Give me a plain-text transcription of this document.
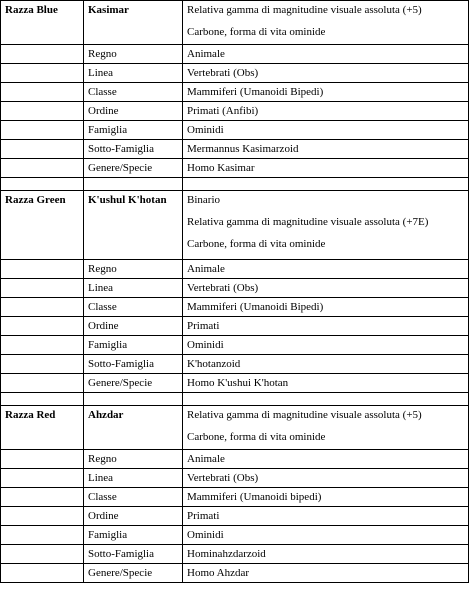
Razza Blue	Kasimar	Relativa gamma di magnitudine visuale assoluta (+5)
Carbone, forma di vita ominide

	Regno	Animale
	Linea	Vertebrati (Obs)
	Classe	Mammiferi (Umanoidi Bipedi)
	Ordine	Primati (Anfibi)
	Famiglia	Ominidi
	Sotto-Famiglia	Mermannus Kasimarzoid
	Genere/Specie	Homo Kasimar

Razza Green	K'ushul K'hotan	Binario
Relativa gamma di magnitudine visuale assoluta (+7E)
Carbone, forma di vita ominide

	Regno	Animale
	Linea	Vertebrati (Obs)
	Classe	Mammiferi (Umanoidi Bipedi)
	Ordine	Primati
	Famiglia	Ominidi
	Sotto-Famiglia	K'hotanzoid
	Genere/Specie	Homo K'ushui K'hotan

Razza Red	Ahzdar	Relativa gamma di magnitudine visuale assoluta (+5)
Carbone, forma di vita ominide

	Regno	Animale
	Linea	Vertebrati (Obs)
	Classe	Mammiferi (Umanoidi bipedi)
	Ordine	Primati
	Famiglia	Ominidi
	Sotto-Famiglia	Hominahzdarzoid
	Genere/Specie	Homo Ahzdar
